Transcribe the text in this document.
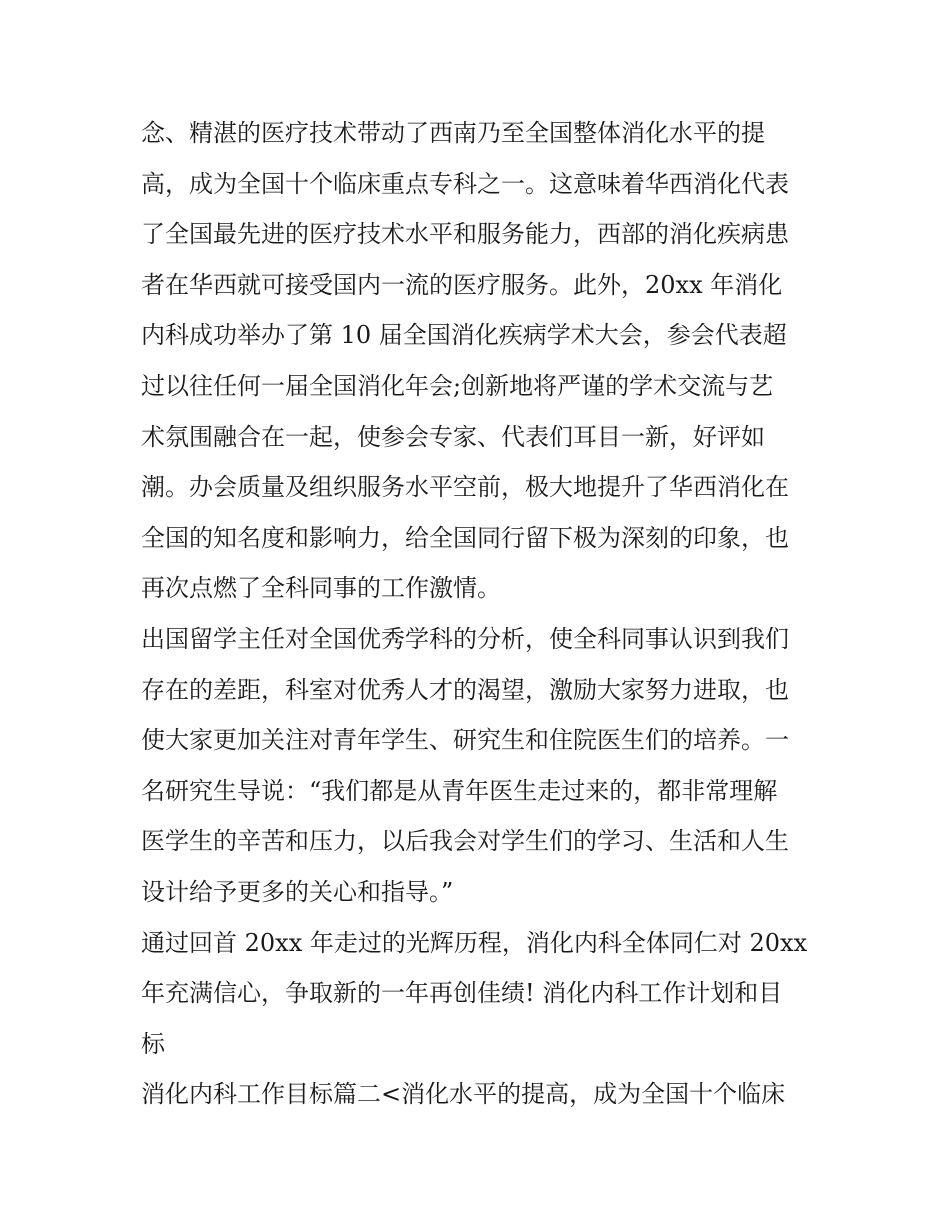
念、精湛的医疗技术带动了西南乃至全国整体消化水平的提
高，成为全国十个临床重点专科之一。这意味着华西消化代表
了全国最先进的医疗技术水平和服务能力，西部的消化疾病患
者在华西就可接受国内一流的医疗服务。此外，20xx 年消化
内科成功举办了第 10 届全国消化疾病学术大会，参会代表超
过以往任何一届全国消化年会;创新地将严谨的学术交流与艺
术氛围融合在一起，使参会专家、代表们耳目一新，好评如
潮。办会质量及组织服务水平空前，极大地提升了华西消化在
全国的知名度和影响力，给全国同行留下极为深刻的印象，也
再次点燃了全科同事的工作激情。

出国留学主任对全国优秀学科的分析，使全科同事认识到我们
存在的差距，科室对优秀人才的渴望，激励大家努力进取，也
使大家更加关注对青年学生、研究生和住院医生们的培养。一
名研究生导说：“我们都是从青年医生走过来的，都非常理解
医学生的辛苦和压力，以后我会对学生们的学习、生活和人生
设计给予更多的关心和指导。”

通过回首 20xx 年走过的光辉历程，消化内科全体同仁对 20xx
年充满信心，争取新的一年再创佳绩! 消化内科工作计划和目
标

消化内科工作目标篇二<消化水平的提高，成为全国十个临床
